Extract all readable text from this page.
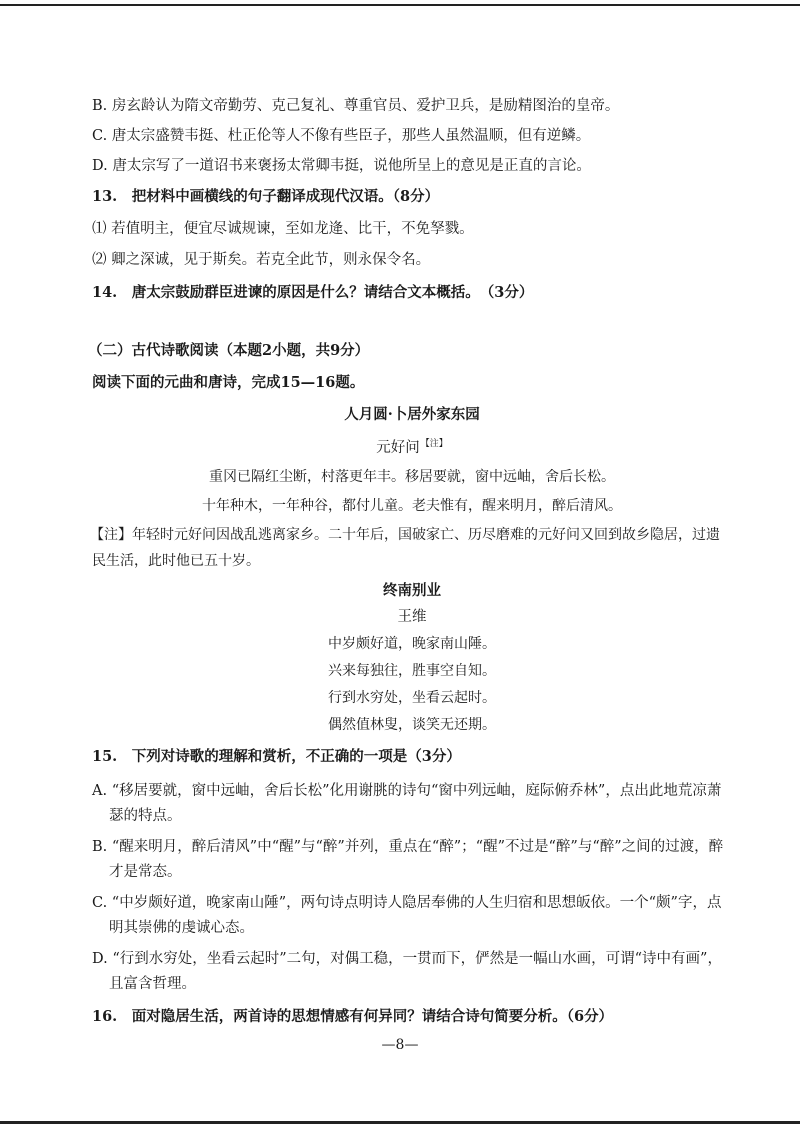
B. 房玄龄认为隋文帝勤劳、克己复礼、尊重官员、爱护卫兵，是励精图治的皇帝。

C. 唐太宗盛赞韦挺、杜正伦等人不像有些臣子，那些人虽然温顺，但有逆鳞。

D. 唐太宗写了一道诏书来褒扬太常卿韦挺，说他所呈上的意见是正直的言论。

13.　把材料中画横线的句子翻译成现代汉语。（8分）

⑴ 若值明主，便宜尽诚规谏，至如龙逄、比干，不免孥戮。

⑵ 卿之深诚，见于斯矣。若克全此节，则永保令名。

14.　唐太宗鼓励群臣进谏的原因是什么？请结合文本概括。　（3分）

（二）古代诗歌阅读（本题2小题，共9分）

阅读下面的元曲和唐诗，完成15—16题。

人月圆·卜居外家东园

元好问$^{【注】}$

重冈已隔红尘断，村落更年丰。移居要就，窗中远岫，舍后长松。

十年种木，一年种谷，都付儿童。老夫惟有，醒来明月，醉后清风。

【注】年轻时元好问因战乱逃离家乡。二十年后，国破家亡、历尽磨难的元好问又回到故乡隐居，过遗

民生活，此时他已五十岁。

终南别业

王维

中岁颇好道，晚家南山陲。

兴来每独往，胜事空自知。

行到水穷处，坐看云起时。

偶然值林叟，谈笑无还期。

15.　下列对诗歌的理解和赏析，不正确的一项是（3分）

A. “移居要就，窗中远岫，舍后长松”化用谢朓的诗句“窗中列远岫，庭际俯乔林”，点出此地荒凉萧瑟的特点。

B. “醒来明月，醉后清风”中“醒”与“醉”并列，重点在“醉”；“醒”不过是“醉”与“醉”之间的过渡，醉才是常态。

C. “中岁颇好道，晚家南山陲”，两句诗点明诗人隐居奉佛的人生归宿和思想皈依。一个“颇”字，点明其崇佛的虔诚心态。

D. “行到水穷处，坐看云起时”二句，对偶工稳，一贯而下，俨然是一幅山水画，可谓“诗中有画”，且富含哲理。

16.　面对隐居生活，两首诗的思想情感有何异同？请结合诗句简要分析。（6分）

—8—
